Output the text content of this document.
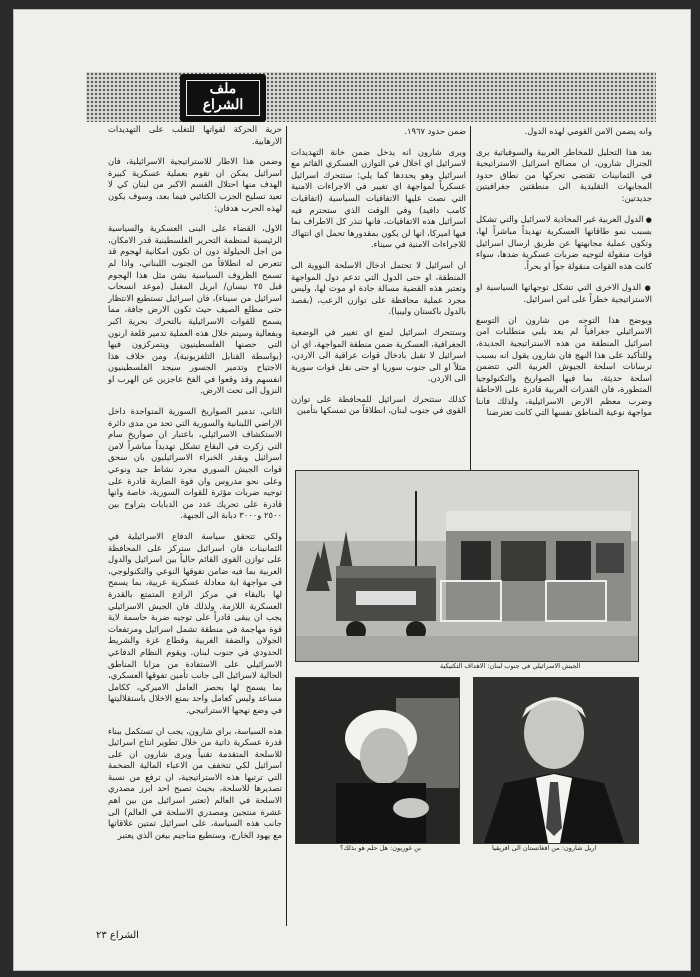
ملف
الشراع

وانه يضمن الامن القومي لهذه الدول.

بعد هذا التحليل للمخاطر العربية والسوفياتية يرى الجنرال شارون، ان مصالح اسرائيل الاستراتيجية في الثمانينات تقتضي تحركها من نطاق حدود المجابهات التقليدية الى منطقتين جغرافيتين جديدتين:

● الدول العربية غير المحاذية لاسرائيل والتي تشكل بسبب نمو طاقاتها العسكرية تهديداً مباشراً لها، وتكون عملية مجابهتها عن طريق ارسال اسرائيل قوات منقولة لتوجيه ضربات عسكرية ضدها، سواء كانت هذه القوات منقولة جواً او بحراً.

● الدول الاخرى التي تشكل توجهاتها السياسية او الاستراتيجية خطراً على امن اسرائيل.

ويوضح هذا التوجه من شارون ان التوسع الاسرائيلي جغرافياً لم يعد يلبي متطلبات امن اسرائيل المنطقة من هذه الاستراتيجية الجديدة، وللتأكيد على هذا النهج فان شارون يقول انه بسبب ترسانات اسلحة الجيوش العربية التي تتضمن اسلحة حديثة، بما فيها الصواريخ والتكنولوجيا المتطورة، فان القدرات العربية قادرة على الاحاطة وضرب معظم الارض الاسرائيلية، ولذلك فاننا مواجهة نوعية المناطق نفسها التي كانت تعترضنا

ضمن حدود ١٩٦٧.

ويرى شارون انه يدخل ضمن خانة التهديدات لاسرائيل اي اخلال في التوازن العسكري القائم مع اسرائيل وهو يحددها كما يلي: ستتحرك اسرائيل عسكرياً لمواجهة اي تغيير في الاجراءات الامنية التي نصت عليها الاتفاقيات السياسية (اتفاقيات كامب دافيد) وفي الوقت الذي ستحترم فيه اسرائيل هذه الاتفاقيات، فانها تنذر كل الاطراف بما فيها اميركا، انها لن يكون بمقدورها تحمل اي انتهاك للاجراءات الامنية في سيناء.

ان اسرائيل لا تحتمل ادخال الاسلحة النووية الى المنطقة، او حتى الدول التي تدعم دول المواجهة وتعتبر هذه القضية مسالة جادة او موت لها، وليس مجرد عملية محافظة على توازن الرعب، (بقصد بالدول باكستان وليبيا).

وستتحرك اسرائيل لمنع اي تغيير في الوضعية الجغرافية، العسكرية ضمن منطقة المواجهة، اي ان اسرائيل لا تقبل بادخال قوات عراقية الى الاردن، مثلاً او الى جنوب سوريا او حتى نقل قوات سورية الى الاردن.

كذلك ستتحرك اسرائيل للمحافظة على توازن القوى في جنوب لبنان، انطلاقاً من تمسكها بتأمين

حرية الحركة لقواتها للتغلب على التهديدات الارهابية.

وضمن هذا الاطار للاستراتيجية الاسرائيلية، فان اسرائيل يمكن ان تقوم بعملية عسكرية كبيرة الهدف منها احتلال القسم الاكبر من لبنان كي لا تعيد تسليح الجزب الكتائبي فيما بعد، وسوف يكون لهذه الحرب هدفان:

الاول، القضاء على البنى العسكرية والسياسية الرئيسية لمنظمة التحرير الفلسطينية قدر الامكان، من اجل الحيلولة دون ان تكون امكانية لهجوم قد تتعرض له انطلاقاً من الجنوب اللبناني، واذا لم تسمح الظروف السياسية بشن مثل هذا الهجوم قبل ٢٥ نيسان/ ابريل المقبل (موعد انسحاب اسرائيل من سيناء)، فان اسرائيل تستطيع الانتظار حتى مطلع الصيف حيث تكون الارض جافة، مما يسمح للقوات الاسرائيلية بالتحرك بحرية اكبر وبفعالية وسيتم خلال هذه العملية تدمير قلعة ارنون التي حصنها الفلسطينيون ويتمركزون فيها (بواسطة القنابل التلفزيونية)، ومن خلاف هذا الاجتياح وتدمير الجسور سيجد الفلسطينيون انفسهم وقد وقعوا في الفخ عاجزين عن الهرب او النزول الى تحت الارض.

الثاني، تدمير الصواريخ السورية المتواجدة داخل الاراضي اللبنانية والسورية التي تحد من مدى دائرة الاستكشاف الاسرائيلي، باعتبار ان صواريخ سام التي زكرت في البقاع تشكل تهديداً مباشراً لامن اسرائيل وبقدر الخبراء الاسرائيليون بان سحق قوات الجيش السوري مجرد نشاط جيد ونوعي وعلى نحو مدروس وان قوة الضاربة قادرة على توجيه ضربات مؤثرة للقوات السورية، خاصة وانها قادرة على تحريك عدد من الدبابات يتراوح بين ٢٥٠٠ و٣٠٠٠ دبابة الى الجبهة.

ولكي تتحقق سياسة الدفاع الاسرائيلية في الثمانينات فان اسرائيل ستركز على المحافظة على توازن القوى القائم حالياً بين اسرائيل والدول العربية بما فيه ضامن تفوقها النوعي والتكنولوجي، في مواجهة اية معادلة عسكرية عربية، بما يسمح لها بالبقاء في مركز الرادع المتمتع بالقدرة العسكرية اللازمة. ولذلك فان الجيش الاسرائيلي يجب ان يبقى قادراً على توجيه ضربة حاسمة لاية قوة مهاجمة في منطقة تشمل اسرائيل ومرتفعات الجولان والضفة الغربية وقطاع غزة والشريط الحدودي في جنوب لبنان. ويقوم النظام الدفاعي الاسرائيلي على الاستفادة من مزايا المناطق الحالية لاسرائيل الى جانب تأمين تفوقها العسكري، بما يسمح لها بحصر العامل الاميركي، ككامل مساعد وليس كعامل واحد بمنع الاخلال باستقلاليتها في وضع نهجها الاستراتيجي.

هذه السياسة، براي شارون، يجب ان تستكمل ببناء قدرة عسكرية ذاتية من خلال تطوير انتاج اسرائيل للاسلحة المتقدمة تقنياً ويرى شارون ان على اسرائيل لكي تتخفف من الاعباء المالية الضخمة التي ترتبها هذه الاستراتيجية، ان ترفع من نسبة تصديرها للاسلحة، بحيث تصبح احد ابرز مصدري الاسلحة في العالم (تعتبر اسرائيل من بين اهم عشرة منتجين ومصدري الاسلحة في العالم) الى جانب هذه السياسة، على اسرائيل تمتين علاقاتها مع يهود الخارج، وستطيع مناجيم بيغن الذي يعتبر

الجيش الاسرائيلي في جنوب لبنان: الاهداف التكتيكية
بن غوريون: هل حلم هو بذلك؟	اريل شارون: من افغانستان الى افريقيا
الشراع ٢٣
